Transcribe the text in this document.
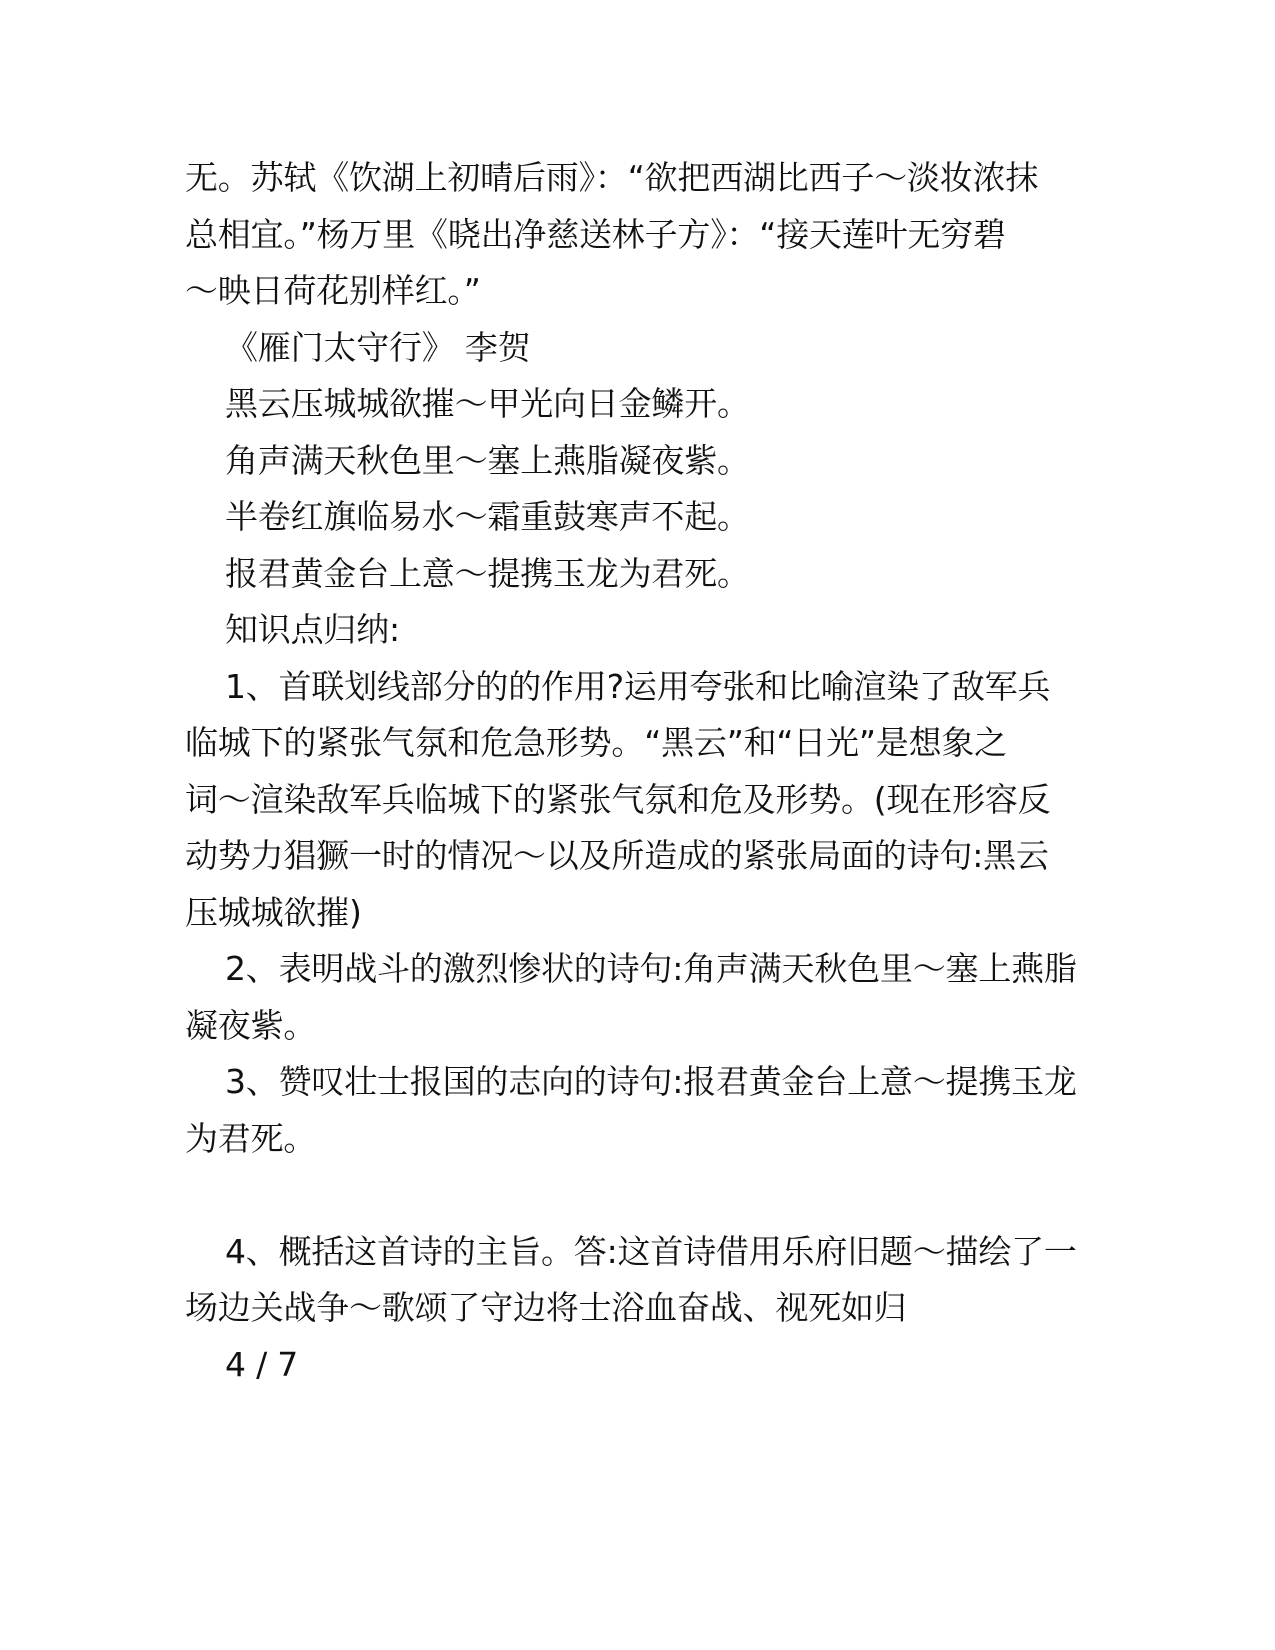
无。苏轼《饮湖上初晴后雨》：“欲把西湖比西子～淡妆浓抹
总相宜。”杨万里《晓出净慈送林子方》：“接天莲叶无穷碧
～映日荷花别样红。”
《雁门太守行》 李贺
黑云压城城欲摧～甲光向日金鳞开。
角声满天秋色里～塞上燕脂凝夜紫。
半卷红旗临易水～霜重鼓寒声不起。
报君黄金台上意～提携玉龙为君死。
知识点归纳:
1、首联划线部分的的作用?运用夸张和比喻渲染了敌军兵
临城下的紧张气氛和危急形势。“黑云”和“日光”是想象之
词～渲染敌军兵临城下的紧张气氛和危及形势。(现在形容反
动势力猖獗一时的情况～以及所造成的紧张局面的诗句:黑云
压城城欲摧)
2、表明战斗的激烈惨状的诗句:角声满天秋色里～塞上燕脂
凝夜紫。
3、赞叹壮士报国的志向的诗句:报君黄金台上意～提携玉龙
为君死。
4、概括这首诗的主旨。答:这首诗借用乐府旧题～描绘了一
场边关战争～歌颂了守边将士浴血奋战、视死如归
4 / 7
